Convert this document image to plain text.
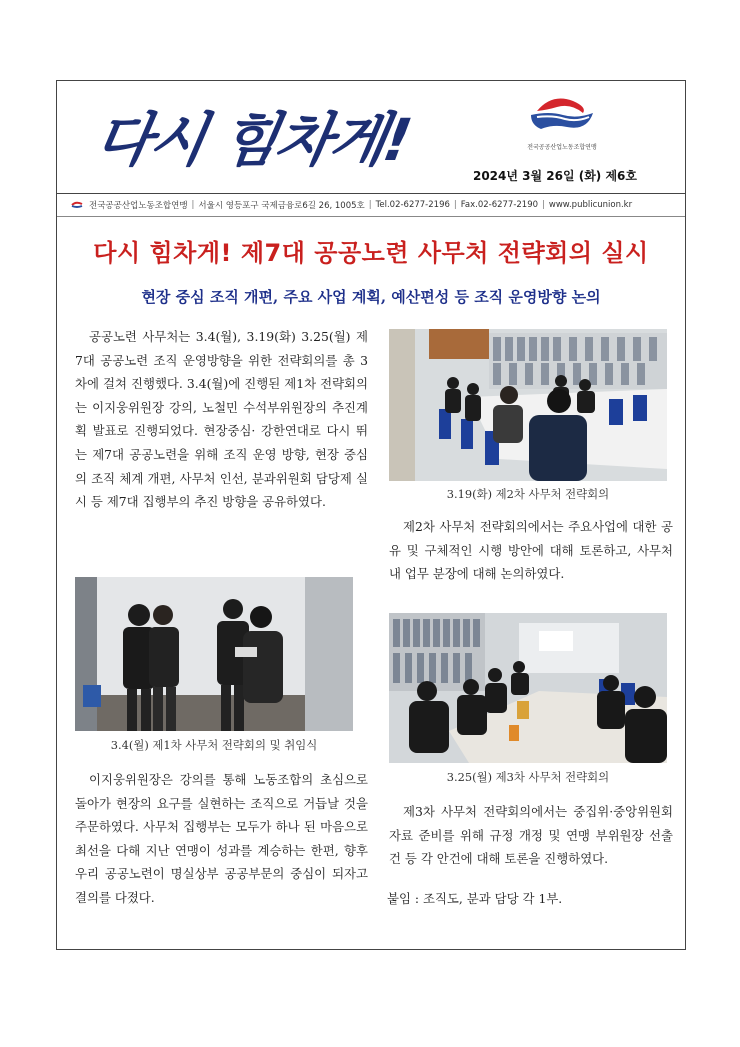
다시 힘차게!	전국공공산업노동조합연맹
2024년 3월 26일 (화) 제6호
전국공공산업노동조합연맹 | 서울시 영등포구 국제금융로6길 26, 1005호 | Tel.02-6277-2196 | Fax.02-6277-2190 | www.publicunion.kr
다시 힘차게! 제7대 공공노련 사무처 전략회의 실시
현장 중심 조직 개편, 주요 사업 계획, 예산편성 등 조직 운영방향 논의

공공노련 사무처는 3.4(월), 3.19(화) 3.25(월) 제7대 공공노련 조직 운영방향을 위한 전략회의를 총 3차에 걸쳐 진행했다. 3.4(월)에 진행된 제1차 전략회의는 이지웅위원장 강의, 노철민 수석부위원장의 추진계획 발표로 진행되었다. 현장중심· 강한연대로 다시 뛰는 제7대 공공노련을 위해 조직 운영 방향, 현장 중심의 조직 체계 개편, 사무처 인선, 분과위원회 담당제 실시 등 제7대 집행부의 추진 방향을 공유하였다.

3.4(월) 제1차 사무처 전략회의 및 취임식

이지웅위원장은 강의를 통해 노동조합의 초심으로 돌아가 현장의 요구를 실현하는 조직으로 거듭날 것을 주문하였다. 사무처 집행부는 모두가 하나 된 마음으로 최선을 다해 지난 연맹이 성과를 계승하는 한편, 향후 우리 공공노련이 명실상부 공공부문의 중심이 되자고 결의를 다졌다.

3.19(화) 제2차 사무처 전략회의

제2차 사무처 전략회의에서는 주요사업에 대한 공유 및 구체적인 시행 방안에 대해 토론하고, 사무처 내 업무 분장에 대해 논의하였다.

3.25(월) 제3차 사무처 전략회의

제3차 사무처 전략회의에서는 중집위·중앙위원회 자료 준비를 위해 규정 개정 및 연맹 부위원장 선출 건 등 각 안건에 대해 토론을 진행하였다.

붙임 : 조직도, 분과 담당 각 1부.
